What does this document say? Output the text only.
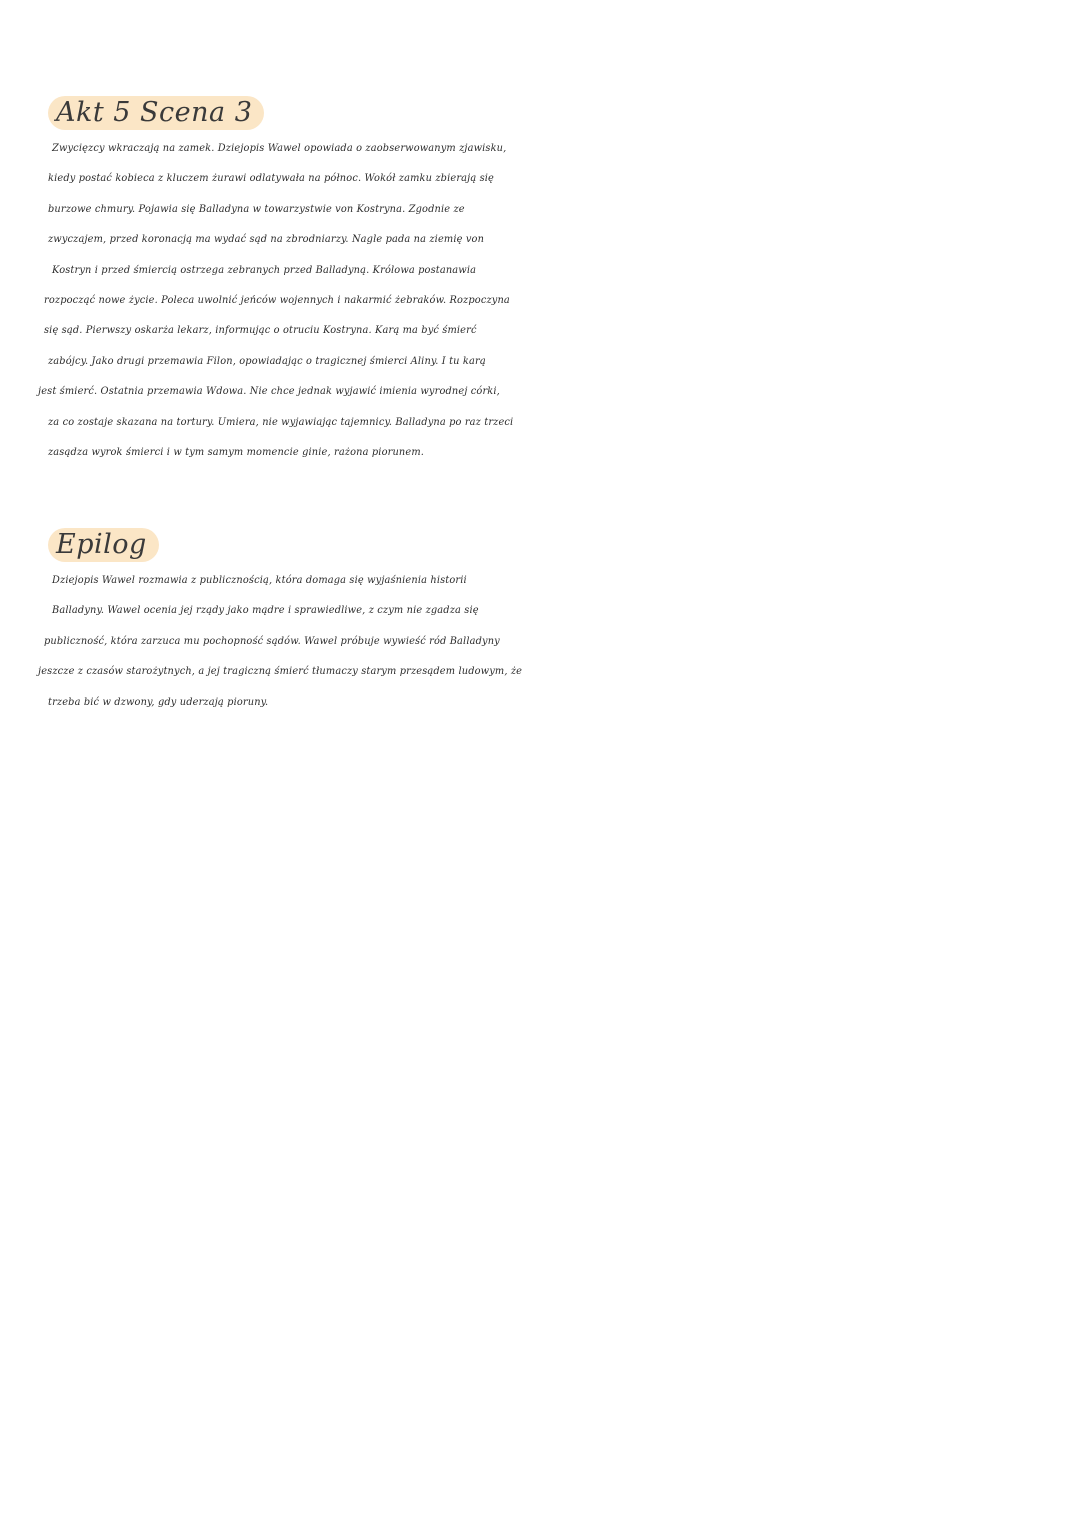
Akt 5 Scena 3
Zwycięzcy wkraczają na zamek. Dziejopis Wawel opowiada o zaobserwowanym zjawisku,
kiedy postać kobieca z kluczem żurawi odlatywała na północ. Wokół zamku zbierają się
burzowe chmury. Pojawia się Balladyna w towarzystwie von Kostryna. Zgodnie ze
zwyczajem, przed koronacją ma wydać sąd na zbrodniarzy. Nagle pada na ziemię von
Kostryn i przed śmiercią ostrzega zebranych przed Balladyną. Królowa postanawia
rozpocząć nowe życie. Poleca uwolnić jeńców wojennych i nakarmić żebraków. Rozpoczyna
się sąd. Pierwszy oskarża lekarz, informując o otruciu Kostryna. Karą ma być śmierć
zabójcy. Jako drugi przemawia Filon, opowiadając o tragicznej śmierci Aliny. I tu karą
jest śmierć. Ostatnia przemawia Wdowa. Nie chce jednak wyjawić imienia wyrodnej córki,
za co zostaje skazana na tortury. Umiera, nie wyjawiając tajemnicy. Balladyna po raz trzeci
zasądza wyrok śmierci i w tym samym momencie ginie, rażona piorunem.
Epilog
Dziejopis Wawel rozmawia z publicznością, która domaga się wyjaśnienia historii
Balladyny. Wawel ocenia jej rządy jako mądre i sprawiedliwe, z czym nie zgadza się
publiczność, która zarzuca mu pochopność sądów. Wawel próbuje wywieść ród Balladyny
jeszcze z czasów starożytnych, a jej tragiczną śmierć tłumaczy starym przesądem ludowym, że
trzeba bić w dzwony, gdy uderzają pioruny.
